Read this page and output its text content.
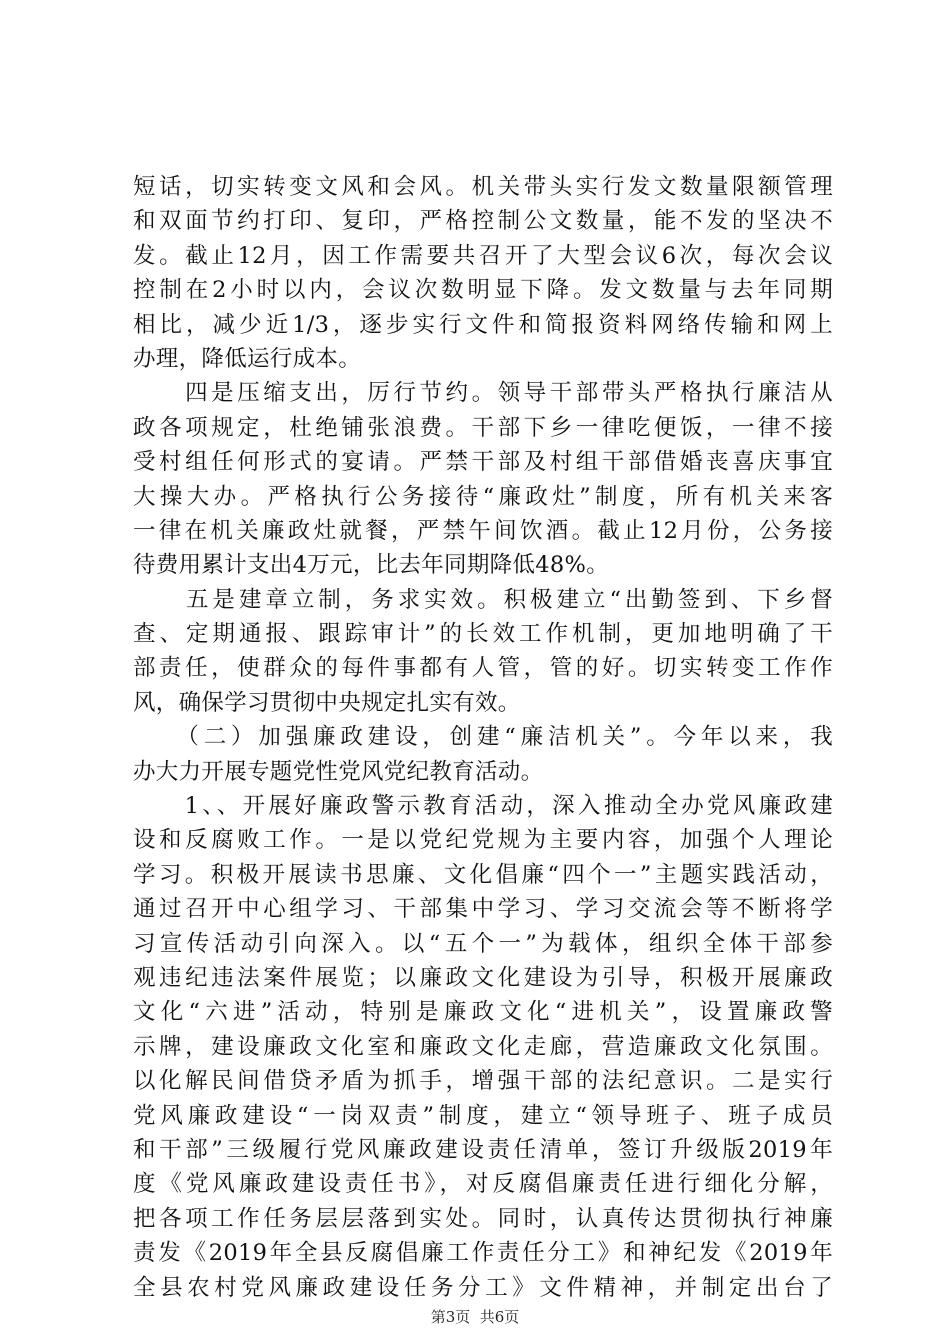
短话，切实转变文风和会风。机关带头实行发文数量限额管理
和双面节约打印、复印，严格控制公文数量，能不发的坚决不
发。截止12月，因工作需要共召开了大型会议6次，每次会议
控制在2小时以内，会议次数明显下降。发文数量与去年同期
相比，减少近1/3，逐步实行文件和简报资料网络传输和网上
办理，降低运行成本。
　　四是压缩支出，厉行节约。领导干部带头严格执行廉洁从
政各项规定，杜绝铺张浪费。干部下乡一律吃便饭，一律不接
受村组任何形式的宴请。严禁干部及村组干部借婚丧喜庆事宜
大操大办。严格执行公务接待“廉政灶”制度，所有机关来客
一律在机关廉政灶就餐，严禁午间饮酒。截止12月份，公务接
待费用累计支出4万元，比去年同期降低48%。
　　五是建章立制，务求实效。积极建立“出勤签到、下乡督
查、定期通报、跟踪审计”的长效工作机制，更加地明确了干
部责任，使群众的每件事都有人管，管的好。切实转变工作作
风，确保学习贯彻中央规定扎实有效。
　　（二）加强廉政建设，创建“廉洁机关”。今年以来，我
办大力开展专题党性党风党纪教育活动。
　　1、、开展好廉政警示教育活动，深入推动全办党风廉政建
设和反腐败工作。一是以党纪党规为主要内容，加强个人理论
学习。积极开展读书思廉、文化倡廉“四个一”主题实践活动，
通过召开中心组学习、干部集中学习、学习交流会等不断将学
习宣传活动引向深入。以“五个一”为载体，组织全体干部参
观违纪违法案件展览；以廉政文化建设为引导，积极开展廉政
文化“六进”活动，特别是廉政文化“进机关”，设置廉政警
示牌，建设廉政文化室和廉政文化走廊，营造廉政文化氛围。
以化解民间借贷矛盾为抓手，增强干部的法纪意识。二是实行
党风廉政建设“一岗双责”制度，建立“领导班子、班子成员
和干部”三级履行党风廉政建设责任清单，签订升级版2019年
度《党风廉政建设责任书》，对反腐倡廉责任进行细化分解，
把各项工作任务层层落到实处。同时，认真传达贯彻执行神廉
责发《2019年全县反腐倡廉工作责任分工》和神纪发《2019年
全县农村党风廉政建设任务分工》文件精神，并制定出台了
第3页  共6页
